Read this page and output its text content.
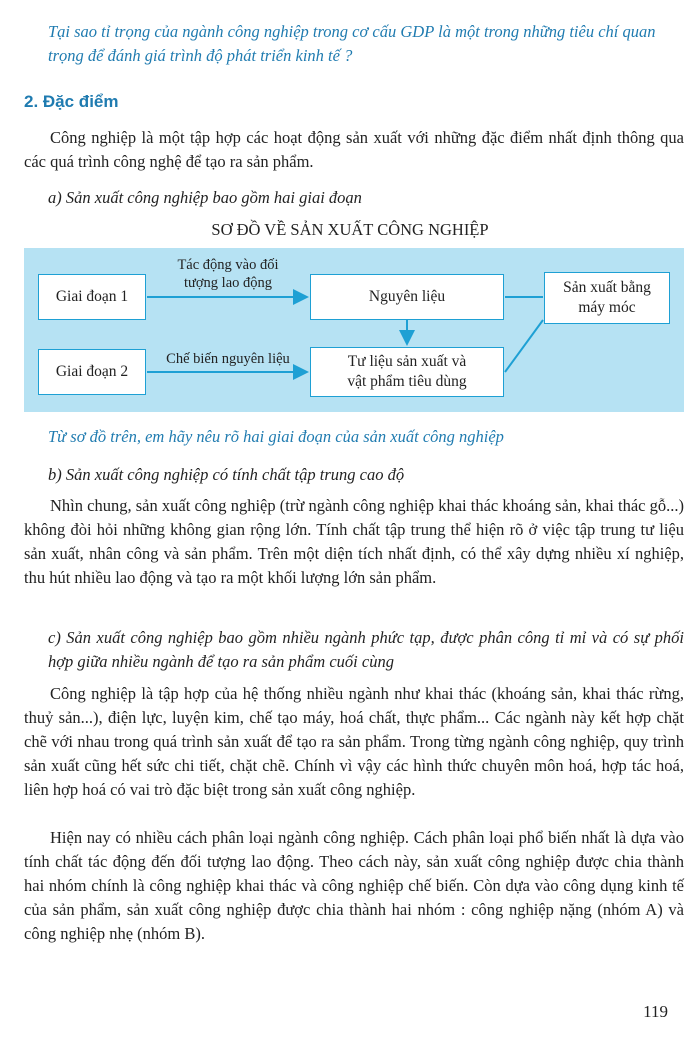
Tại sao tỉ trọng của ngành công nghiệp trong cơ cấu GDP là một trong những tiêu chí quan trọng để đánh giá trình độ phát triển kinh tế ?
2. Đặc điểm
Công nghiệp là một tập hợp các hoạt động sản xuất với những đặc điểm nhất định thông qua các quá trình công nghệ để tạo ra sản phẩm.
a) Sản xuất công nghiệp bao gồm hai giai đoạn
SƠ ĐỒ VỀ SẢN XUẤT CÔNG NGHIỆP
Giai đoạn 1
Giai đoạn 2
Tác động vào đối
tượng lao động
Chế biến nguyên liệu
Nguyên liệu
Tư liệu sản xuất và
vật phẩm tiêu dùng
Sản xuất bằng
máy móc
Từ sơ đồ trên, em hãy nêu rõ hai giai đoạn của sản xuất công nghiệp
b) Sản xuất công nghiệp có tính chất tập trung cao độ
Nhìn chung, sản xuất công nghiệp (trừ ngành công nghiệp khai thác khoáng sản, khai thác gỗ...) không đòi hỏi những không gian rộng lớn. Tính chất tập trung thể hiện rõ ở việc tập trung tư liệu sản xuất, nhân công và sản phẩm. Trên một diện tích nhất định, có thể xây dựng nhiều xí nghiệp, thu hút nhiều lao động và tạo ra một khối lượng lớn sản phẩm.
c) Sản xuất công nghiệp bao gồm nhiều ngành phức tạp, được phân công tỉ mỉ và có sự phối hợp giữa nhiều ngành để tạo ra sản phẩm cuối cùng
Công nghiệp là tập hợp của hệ thống nhiều ngành như khai thác (khoáng sản, khai thác rừng, thuỷ sản...), điện lực, luyện kim, chế tạo máy, hoá chất, thực phẩm... Các ngành này kết hợp chặt chẽ với nhau trong quá trình sản xuất để tạo ra sản phẩm. Trong từng ngành công nghiệp, quy trình sản xuất cũng hết sức chi tiết, chặt chẽ. Chính vì vậy các hình thức chuyên môn hoá, hợp tác hoá, liên hợp hoá có vai trò đặc biệt trong sản xuất công nghiệp.
Hiện nay có nhiều cách phân loại ngành công nghiệp. Cách phân loại phổ biến nhất là dựa vào tính chất tác động đến đối tượng lao động. Theo cách này, sản xuất công nghiệp được chia thành hai nhóm chính là công nghiệp khai thác và công nghiệp chế biến. Còn dựa vào công dụng kinh tế của sản phẩm, sản xuất công nghiệp được chia thành hai nhóm : công nghiệp nặng (nhóm A) và công nghiệp nhẹ (nhóm B).
119
